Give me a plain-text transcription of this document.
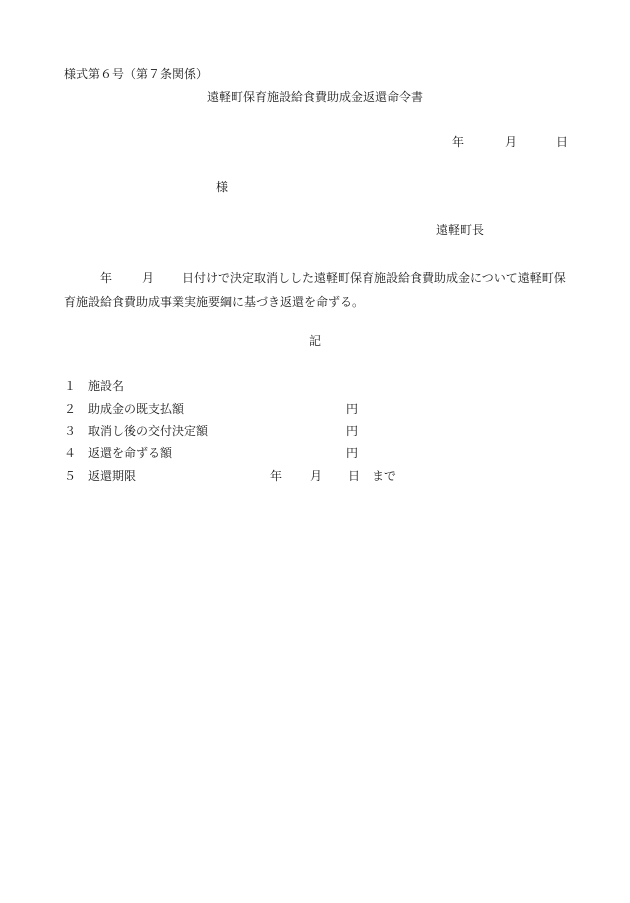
様式第６号（第７条関係）
遠軽町保育施設給食費助成金返還命令書
年	月	日
様
遠軽町長
年	月 日付けで決定取消しした遠軽町保育施設給食費助成金について遠軽町保育施設給食費助成事業実施要綱に基づき返還を命ずる。
記
１ 施設名
２ 助成金の既支払額	円
３ 取消し後の交付決定額	円
４ 返還を命ずる額	円
５ 返還期限	年 月 日 まで
